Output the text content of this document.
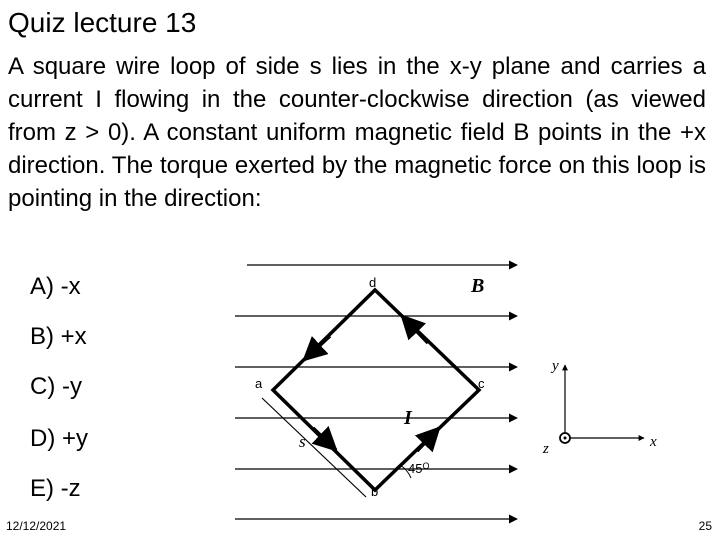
Quiz lecture 13
A square wire loop of side s lies in the x-y plane and carries a current I flowing in the counter-clockwise direction (as viewed from z > 0). A constant uniform magnetic field B points in the +x direction. The torque exerted by the magnetic force on this loop is pointing in the direction:
A) -x
B) +x
C) -y
D) +y
E) -z
d
a	c
b
B
I
s
$45^O$
y
x
z
12/12/2021	25
